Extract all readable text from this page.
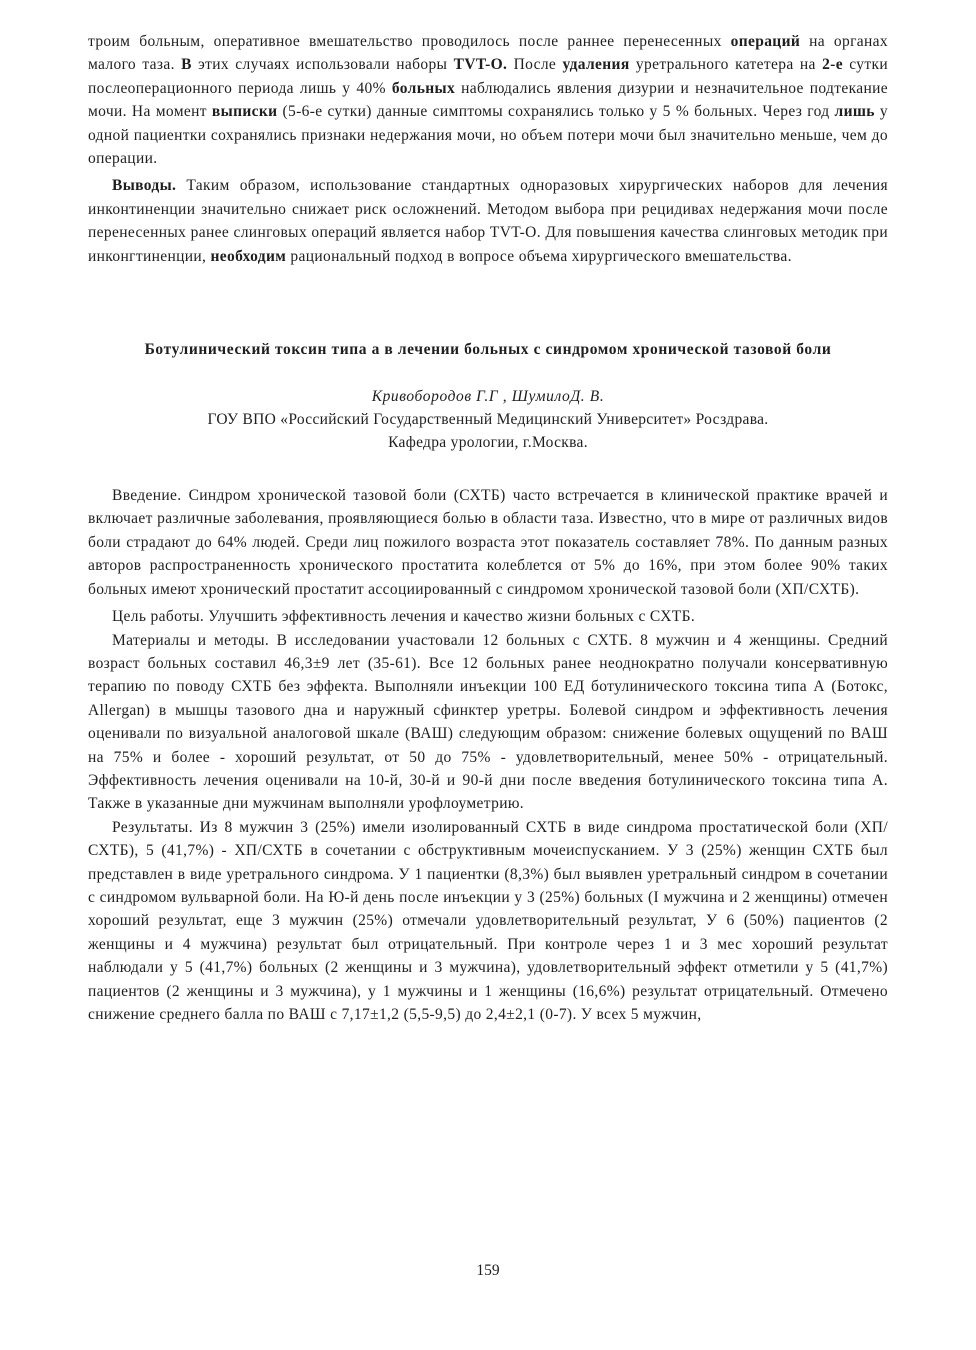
троим больным, оперативное вмешательство проводилось после раннее перенесенных операций на органах малого таза. В этих случаях использовали наборы TVT-O. После удаления уретрального катетера на 2-е сутки послеоперационного периода лишь у 40% больных наблюдались явления дизурии и незначительное подтекание мочи. На момент выписки (5-6-е сутки) данные симптомы сохранялись только у 5 % больных. Через год лишь у одной пациентки сохранялись признаки недержания мочи, но объем потери мочи был значительно меньше, чем до операции.

Выводы. Таким образом, использование стандартных одноразовых хирургических наборов для лечения инконтиненции значительно снижает риск осложнений. Методом выбора при рецидивах недержания мочи после перенесенных ранее слинговых операций является набор TVT-O. Для повышения качества слинговых методик при инконгтиненции, необходим рациональный подход в вопросе объема хирургического вмешательства.

Ботулинический токсин типа а в лечении больных с синдромом хронической тазовой боли
Кривобородов Г.Г , ШумилоД. В.
ГОУ ВПО «Российский Государственный Медицинский Университет» Росздрава.
Кафедра урологии, г.Москва.

Введение. Синдром хронической тазовой боли (СХТБ) часто встречается в клинической практике врачей и включает различные заболевания, проявляющиеся болью в области таза. Известно, что в мире от различных видов боли страдают до 64% людей. Среди лиц пожилого возраста этот показатель составляет 78%. По данным разных авторов распространенность хронического простатита колеблется от 5% до 16%, при этом более 90% таких больных имеют хронический простатит ассоциированный с синдромом хронической тазовой боли (ХП/СХТБ).

Цель работы. Улучшить эффективность лечения и качество жизни больных с СХТБ.

Материалы и методы. В исследовании участовали 12 больных с СХТБ. 8 мужчин и 4 женщины. Средний возраст больных составил 46,3±9 лет (35-61). Все 12 больных ранее неоднократно получали консервативную терапию по поводу СХТБ без эффекта. Выполняли инъекции 100 ЕД ботулинического токсина типа А (Ботокс, Allergan) в мышцы тазового дна и наружный сфинктер уретры. Болевой синдром и эффективность лечения оценивали по визуальной аналоговой шкале (ВАШ) следующим образом: снижение болевых ощущений по ВАШ на 75% и более - хороший результат, от 50 до 75% - удовлетворительный, менее 50% - отрицательный. Эффективность лечения оценивали на 10-й, 30-й и 90-й дни после введения ботулинического токсина типа А. Также в указанные дни мужчинам выполняли урофлоуметрию.

Результаты. Из 8 мужчин 3 (25%) имели изолированный СХТБ в виде синдрома простатической боли (ХП/СХТБ), 5 (41,7%) - ХП/СХТБ в сочетании с обструктивным мочеиспусканием. У 3 (25%) женщин СХТБ был представлен в виде уретрального синдрома. У 1 пациентки (8,3%) был выявлен уретральный синдром в сочетании с синдромом вульварной боли. На Ю-й день после инъекции у 3 (25%) больных (I мужчина и 2 женщины) отмечен хороший результат, еще 3 мужчин (25%) отмечали удовлетворительный результат, У 6 (50%) пациентов (2 женщины и 4 мужчина) результат был отрицательный. При контроле через 1 и 3 мес хороший результат наблюдали у 5 (41,7%) больных (2 женщины и 3 мужчина), удовлетворительный эффект отметили у 5 (41,7%) пациентов (2 женщины и 3 мужчина), у 1 мужчины и 1 женщины (16,6%) результат отрицательный. Отмечено снижение среднего балла по ВАШ с 7,17±1,2 (5,5-9,5) до 2,4±2,1 (0-7). У всех 5 мужчин,

159
